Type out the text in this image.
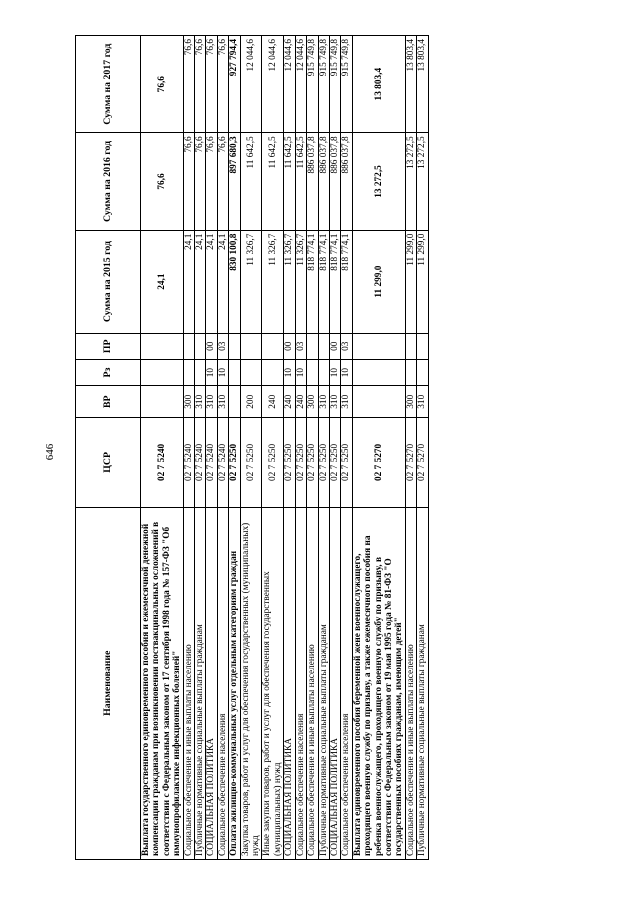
646
Наименование	ЦСР	ВР	Рз	ПР	Сумма на 2015 год	Сумма на 2016 год	Сумма на 2017 год
Выплата государственного единовременного пособия и ежемесячной денежной компенсации гражданам при возникновении поствакцинальных осложнений в соответствии с Федеральным законом от 17 сентября 1998 года № 157-ФЗ "Об иммунопрофилактике инфекционных болезней"	02 7 5240				24,1	76,6	76,6
Социальное обеспечение и иные выплаты населению	02 7 5240	300			24,1	76,6	76,6
Публичные нормативные социальные выплаты гражданам	02 7 5240	310			24,1	76,6	76,6
СОЦИАЛЬНАЯ ПОЛИТИКА	02 7 5240	310	10	00	24,1	76,6	76,6
Социальное обеспечение населения	02 7 5240	310	10	03	24,1	76,6	76,6
Оплата жилищно-коммунальных услуг отдельным категориям граждан	02 7 5250				830 100,8	897 680,3	927 794,4
Закупка товаров, работ и услуг для обеспечения государственных (муниципальных) нужд	02 7 5250	200			11 326,7	11 642,5	12 044,6
Иные закупки товаров, работ и услуг для обеспечения государственных (муниципальных) нужд	02 7 5250	240			11 326,7	11 642,5	12 044,6
СОЦИАЛЬНАЯ ПОЛИТИКА	02 7 5250	240	10	00	11 326,7	11 642,5	12 044,6
Социальное обеспечение населения	02 7 5250	240	10	03	11 326,7	11 642,5	12 044,6
Социальное обеспечение и иные выплаты населению	02 7 5250	300			818 774,1	886 037,8	915 749,8
Публичные нормативные социальные выплаты гражданам	02 7 5250	310			818 774,1	886 037,8	915 749,8
СОЦИАЛЬНАЯ ПОЛИТИКА	02 7 5250	310	10	00	818 774,1	886 037,8	915 749,8
Социальное обеспечение населения	02 7 5250	310	10	03	818 774,1	886 037,8	915 749,8
Выплата единовременного пособия беременной жене военнослужащего, проходящего военную службу по призыву, а также ежемесячного пособия на ребенка военнослужащего, проходящего военную службу по призыву, в соответствии с Федеральным законом от 19 мая 1995 года № 81-ФЗ "О государственных пособиях гражданам, имеющим детей"	02 7 5270				11 299,0	13 272,5	13 803,4
Социальное обеспечение и иные выплаты населению	02 7 5270	300			11 299,0	13 272,5	13 803,4
Публичные нормативные социальные выплаты гражданам	02 7 5270	310			11 299,0	13 272,5	13 803,4
